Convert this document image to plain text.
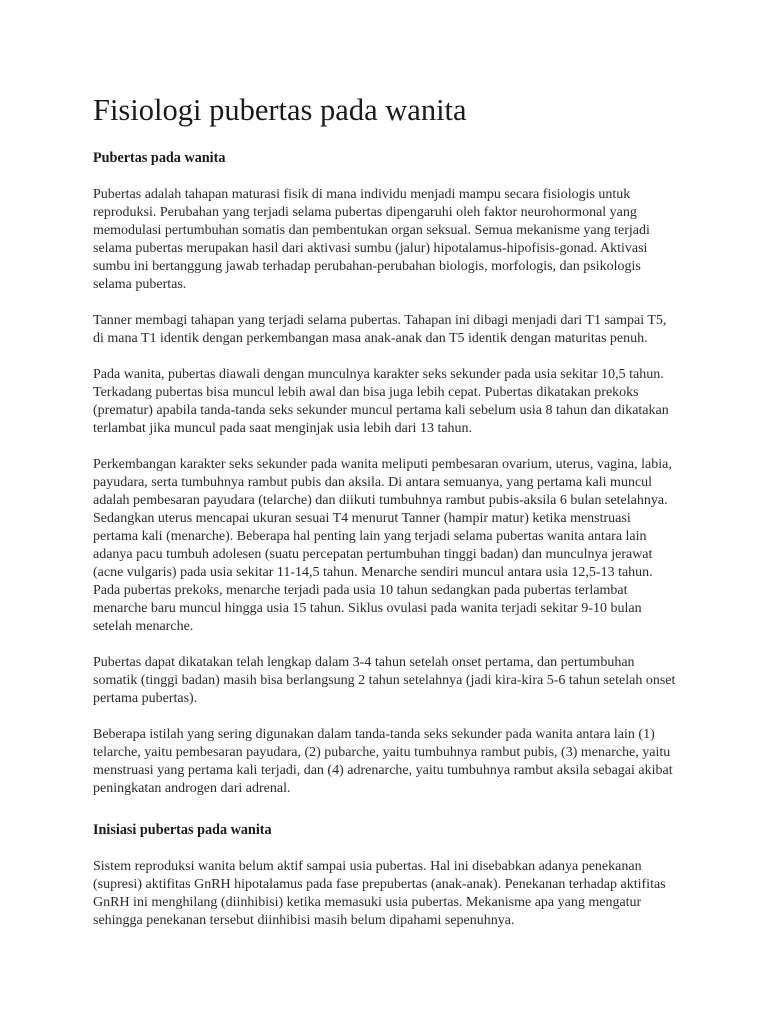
Fisiologi pubertas pada wanita
Pubertas pada wanita

Pubertas adalah tahapan maturasi fisik di mana individu menjadi mampu secara fisiologis untuk reproduksi. Perubahan yang terjadi selama pubertas dipengaruhi oleh faktor neurohormonal yang memodulasi pertumbuhan somatis dan pembentukan organ seksual. Semua mekanisme yang terjadi selama pubertas merupakan hasil dari aktivasi sumbu (jalur) hipotalamus-hipofisis-gonad. Aktivasi sumbu ini bertanggung jawab terhadap perubahan-perubahan biologis, morfologis, dan psikologis selama pubertas.

Tanner membagi tahapan yang terjadi selama pubertas. Tahapan ini dibagi menjadi dari T1 sampai T5, di mana T1 identik dengan perkembangan masa anak-anak dan T5 identik dengan maturitas penuh.

Pada wanita, pubertas diawali dengan munculnya karakter seks sekunder pada usia sekitar 10,5 tahun. Terkadang pubertas bisa muncul lebih awal dan bisa juga lebih cepat. Pubertas dikatakan prekoks (prematur) apabila tanda-tanda seks sekunder muncul pertama kali sebelum usia 8 tahun dan dikatakan terlambat jika muncul pada saat menginjak usia lebih dari 13 tahun.

Perkembangan karakter seks sekunder pada wanita meliputi pembesaran ovarium, uterus, vagina, labia, payudara, serta tumbuhnya rambut pubis dan aksila. Di antara semuanya, yang pertama kali muncul adalah pembesaran payudara (telarche) dan diikuti tumbuhnya rambut pubis-aksila 6 bulan setelahnya. Sedangkan uterus mencapai ukuran sesuai T4 menurut Tanner (hampir matur) ketika menstruasi pertama kali (menarche). Beberapa hal penting lain yang terjadi selama pubertas wanita antara lain adanya pacu tumbuh adolesen (suatu percepatan pertumbuhan tinggi badan) dan munculnya jerawat (acne vulgaris) pada usia sekitar 11-14,5 tahun. Menarche sendiri muncul antara usia 12,5-13 tahun. Pada pubertas prekoks, menarche terjadi pada usia 10 tahun sedangkan pada pubertas terlambat menarche baru muncul hingga usia 15 tahun. Siklus ovulasi pada wanita terjadi sekitar 9-10 bulan setelah menarche.

Pubertas dapat dikatakan telah lengkap dalam 3-4 tahun setelah onset pertama, dan pertumbuhan somatik (tinggi badan) masih bisa berlangsung 2 tahun setelahnya (jadi kira-kira 5-6 tahun setelah onset pertama pubertas).

Beberapa istilah yang sering digunakan dalam tanda-tanda seks sekunder pada wanita antara lain (1) telarche, yaitu pembesaran payudara, (2) pubarche, yaitu tumbuhnya rambut pubis, (3) menarche, yaitu menstruasi yang pertama kali terjadi, dan (4) adrenarche, yaitu tumbuhnya rambut aksila sebagai akibat peningkatan androgen dari adrenal.

Inisiasi pubertas pada wanita

Sistem reproduksi wanita belum aktif sampai usia pubertas. Hal ini disebabkan adanya penekanan (supresi) aktifitas GnRH hipotalamus pada fase prepubertas (anak-anak). Penekanan terhadap aktifitas GnRH ini menghilang (diinhibisi) ketika memasuki usia pubertas. Mekanisme apa yang mengatur sehingga penekanan tersebut diinhibisi masih belum dipahami sepenuhnya.
